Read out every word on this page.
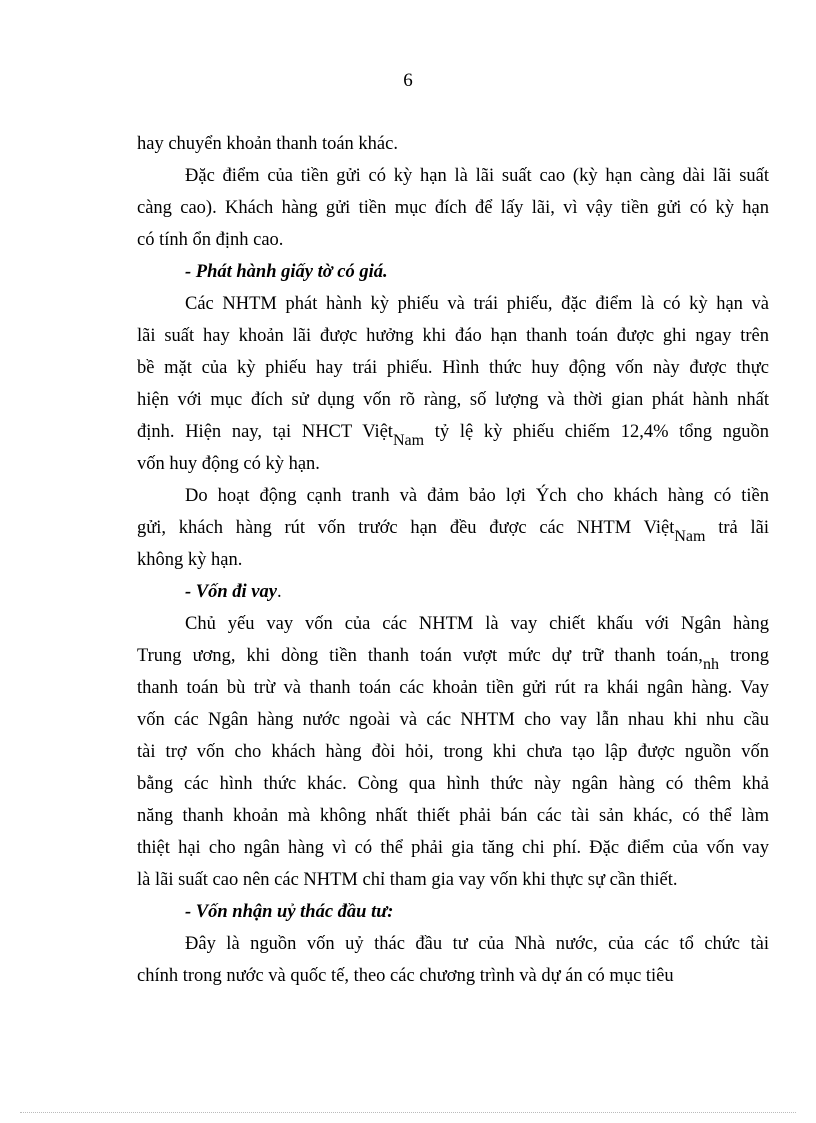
6
hay chuyển khoản thanh toán khác.
Đặc điểm của tiền gửi có kỳ hạn là lãi suất cao (kỳ hạn càng dài lãi suất
càng cao). Khách hàng gửi tiền mục đích để lấy lãi, vì vậy tiền gửi có kỳ hạn
có tính ổn định cao.
- Phát hành giấy tờ có giá.
Các NHTM phát hành kỳ phiếu và trái phiếu, đặc điểm là có kỳ hạn và
lãi suất hay khoản lãi được hưởng khi đáo hạn thanh toán được ghi ngay trên
bề mặt của kỳ phiếu hay trái phiếu. Hình thức huy động vốn này được thực
hiện với mục đích sử dụng vốn rõ ràng, số lượng và thời gian phát hành nhất
định. Hiện nay, tại NHCT ViệtNam tỷ lệ kỳ phiếu chiếm 12,4% tổng nguồn
vốn huy động có kỳ hạn.
Do hoạt động cạnh tranh và đảm bảo lợi Ých cho khách hàng có tiền
gửi, khách hàng rút vốn trước hạn đều được các NHTM ViệtNam trả lãi
không kỳ hạn.
- Vốn đi vay.
Chủ yếu vay vốn của các NHTM là vay chiết khấu với Ngân hàng
Trung ương, khi dòng tiền thanh toán vượt mức dự trữ thanh toán,nh trong
thanh toán bù trừ và thanh toán các khoản tiền gửi rút ra khái ngân hàng. Vay
vốn các Ngân hàng nước ngoài và các NHTM cho vay lẫn nhau khi nhu cầu
tài trợ vốn cho khách hàng đòi hỏi, trong khi chưa tạo lập được nguồn vốn
bằng các hình thức khác. Còng qua hình thức này ngân hàng có thêm khả
năng thanh khoản mà không nhất thiết phải bán các tài sản khác, có thể làm
thiệt hại cho ngân hàng vì có thể phải gia tăng chi phí. Đặc điểm của vốn vay
là lãi suất cao nên các NHTM chỉ tham gia vay vốn khi thực sự cần thiết.
- Vốn nhận uỷ thác đầu tư:
Đây là nguồn vốn uỷ thác đầu tư của Nhà nước, của các tổ chức tài
chính trong nước và quốc tế, theo các chương trình và dự án có mục tiêu
